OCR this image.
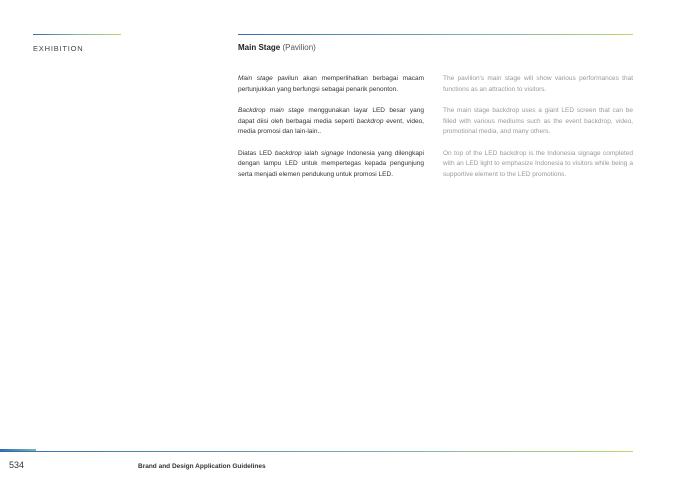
EXHIBITION	Main Stage (Pavilion)

Main stage pavilun akan memperlihatkan berbagai macam pertunjukkan yang berfungsi sebagai penarik penonton.

Backdrop main stage menggunakan layar LED besar yang dapat diisi oleh berbagai media seperti backdrop event, video, media promosi dan lain-lain..

Diatas LED backdrop ialah signage Indonesia yang dilengkapi dengan lampu LED untuk mempertegas kepada pengunjung serta menjadi elemen pendukung untuk promosi LED.

The pavilion's main stage will show various performances that functions as an attraction to visitors.

The main stage backdrop uses a giant LED screen that can be filled with various mediums such as the event backdrop, video, promotional media, and many others.

On top of the LED backdrop is the Indonesia signage completed with an LED light to emphasize Indonesia to visitors while being a supportive element to the LED promotions.

534	Brand and Design Application Guidelines
